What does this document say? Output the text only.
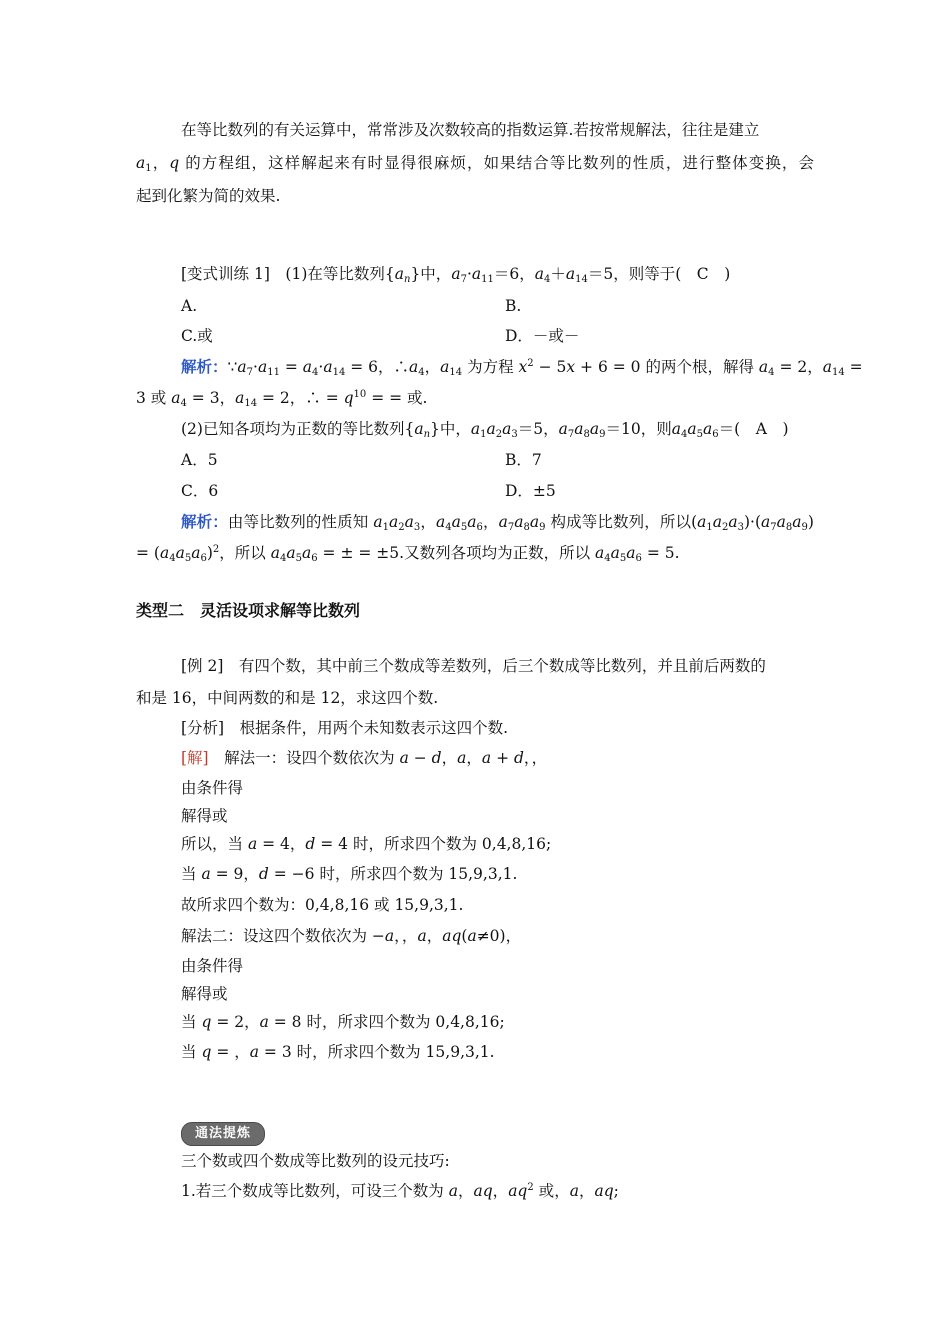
在等比数列的有关运算中，常常涉及次数较高的指数运算.若按常规解法，往往是建立
$a_1$，q 的方程组，这样解起来有时显得很麻烦，如果结合等比数列的性质，进行整体变换，会
起到化繁为简的效果.
[变式训练 1]　 (1)在等比数列$\{a_n\}$中，$a_7\cdot a_{11}=6$，$a_4+a_{14}=5$，则等于(　 C　 )
A.	B.
C.或	D．－或－
解析：$\because a_7\cdot a_{11} = a_4\cdot a_{14} = 6$，$\therefore a_4$，$a_{14}$ 为方程 $x^2 - 5x + 6 = 0$ 的两个根，解得 $a_4 = 2$，$a_{14}$ =
3 或 $a_4 = 3$，$a_{14} = 2$，∴ = $q^{10}$ = = 或.
(2)已知各项均为正数的等比数列$\{a_n\}$中，$a_1a_2a_3=5$，$a_7a_8a_9=10$，则$a_4a_5a_6=$(　 A　 )
A．5	B．7
C．6	D．±5
解析：由等比数列的性质知 $a_1a_2a_3$，$a_4a_5a_6$，$a_7a_8a_9$ 构成等比数列，所以$(a_1a_2a_3)\cdot(a_7a_8a_9)$
= $(a_4a_5a_6)^2$，所以 $a_4a_5a_6$ = ± = ±5.又数列各项均为正数，所以 $a_4a_5a_6 = 5$.
类型二　灵活设项求解等比数列
[例 2]　 有四个数，其中前三个数成等差数列，后三个数成等比数列，并且前后两数的
和是 16，中间两数的和是 12，求这四个数.
[分析]　 根据条件，用两个未知数表示这四个数.
[解]　 解法一：设四个数依次为 a − d，a，a + d，，
由条件得
解得或
所以，当 a = 4，d = 4 时，所求四个数为 0,4,8,16;
当 a = 9，d = −6 时，所求四个数为 15,9,3,1.
故所求四个数为：0,4,8,16 或 15,9,3,1.
解法二：设这四个数依次为 −a，，a，aq(a≠0)，
由条件得
解得或
当 q = 2，a = 8 时，所求四个数为 0,4,8,16;
当 q = ，a = 3 时，所求四个数为 15,9,3,1.
通法提炼
三个数或四个数成等比数列的设元技巧:
1.若三个数成等比数列，可设三个数为 a，aq，$aq^2$ 或，a，aq;
